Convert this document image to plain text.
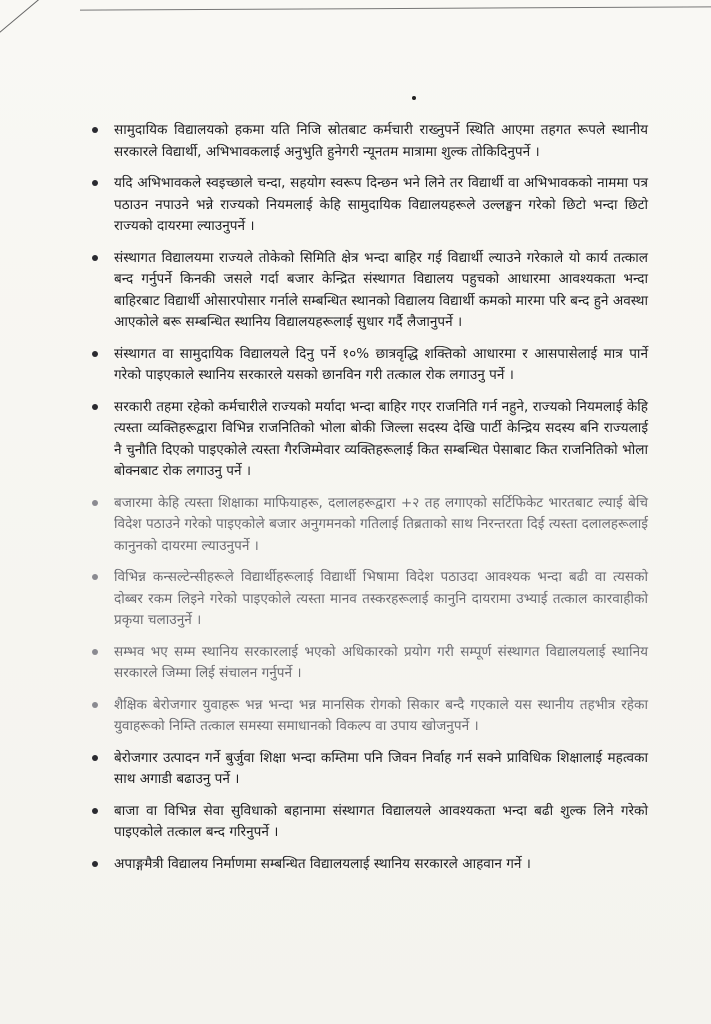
सामुदायिक विद्यालयको हकमा यति निजि स्रोतबाट कर्मचारी राख्नुपर्ने स्थिति आएमा तहगत रूपले स्थानीय सरकारले विद्यार्थी, अभिभावकलाई अनुभुति हुनेगरी न्यूनतम मात्रामा शुल्क तोकिदिनुपर्ने ।
यदि अभिभावकले स्वइच्छाले चन्दा, सहयोग स्वरूप दिन्छन भने लिने तर विद्यार्थी वा अभिभावकको नाममा पत्र पठाउन नपाउने भन्ने राज्यको नियमलाई केहि सामुदायिक विद्यालयहरूले उल्लङ्घन गरेको छिटो भन्दा छिटो राज्यको दायरमा ल्याउनुपर्ने ।
संस्थागत विद्यालयमा राज्यले तोकेको सिमिति क्षेत्र भन्दा बाहिर गई विद्यार्थी ल्याउने गरेकाले यो कार्य तत्काल बन्द गर्नुपर्ने किनकी जसले गर्दा बजार केन्द्रित संस्थागत विद्यालय पहुचको आधारमा आवश्यकता भन्दा बाहिरबाट विद्यार्थी ओसारपोसार गर्नाले सम्बन्धित स्थानको विद्यालय विद्यार्थी कमको मारमा परि बन्द हुने अवस्था आएकोले बरू सम्बन्धित स्थानिय विद्यालयहरूलाई सुधार गर्दै लैजानुपर्ने ।
संस्थागत वा सामुदायिक विद्यालयले दिनु पर्ने १०% छात्रवृद्धि शक्तिको आधारमा र आसपासेलाई मात्र पार्ने गरेको पाइएकाले स्थानिय सरकारले यसको छानविन गरी तत्काल रोक लगाउनु पर्ने ।
सरकारी तहमा रहेको कर्मचारीले राज्यको मर्यादा भन्दा बाहिर गएर राजनिति गर्न नहुने, राज्यको नियमलाई केहि त्यस्ता व्यक्तिहरूद्वारा विभिन्न राजनितिको भोला बोकी जिल्ला सदस्य देखि पार्टी केन्द्रिय सदस्य बनि राज्यलाई नै चुनौति दिएको पाइएकोले त्यस्ता गैरजिम्मेवार व्यक्तिहरूलाई कित सम्बन्धित पेसाबाट कित राजनितिको भोला बोक्नबाट रोक लगाउनु पर्ने ।
बजारमा केहि त्यस्ता शिक्षाका माफियाहरू, दलालहरूद्वारा +२ तह लगाएको सर्टिफिकेट भारतबाट ल्याई बेचि विदेश पठाउने गरेको पाइएकोले बजार अनुगमनको गतिलाई तिब्रताको साथ निरन्तरता दिई त्यस्ता दलालहरूलाई कानुनको दायरमा ल्याउनुपर्ने ।
विभिन्न कन्सल्टेन्सीहरूले विद्यार्थीहरूलाई विद्यार्थी भिषामा विदेश पठाउदा आवश्यक भन्दा बढी वा त्यसको दोब्बर रकम लिइने गरेको पाइएकोले त्यस्ता मानव तस्करहरूलाई कानुनि दायरामा उभ्याई तत्काल कारवाहीको प्रकृया चलाउनुर्ने ।
सम्भव भए सम्म स्थानिय सरकारलाई भएको अधिकारको प्रयोग गरी सम्पूर्ण संस्थागत विद्यालयलाई स्थानिय सरकारले जिम्मा लिई संचालन गर्नुपर्ने ।
शैक्षिक बेरोजगार युवाहरू भन्न भन्दा भन्न मानसिक रोगको सिकार बन्दै गएकाले यस स्थानीय तहभीत्र रहेका युवाहरूको निम्ति तत्काल समस्या समाधानको विकल्प वा उपाय खोजनुपर्ने ।
बेरोजगार उत्पादन गर्ने बुर्जुवा शिक्षा भन्दा कम्तिमा पनि जिवन निर्वाह गर्न सक्ने प्राविधिक शिक्षालाई महत्वका साथ अगाडी बढाउनु पर्ने ।
बाजा वा विभिन्न सेवा सुविधाको बहानामा संस्थागत विद्यालयले आवश्यकता भन्दा बढी शुल्क लिने गरेको पाइएकोले तत्काल बन्द गरिनुपर्ने ।
अपाङ्गमैत्री विद्यालय निर्माणमा सम्बन्धित विद्यालयलाई स्थानिय सरकारले आहवान गर्ने ।
